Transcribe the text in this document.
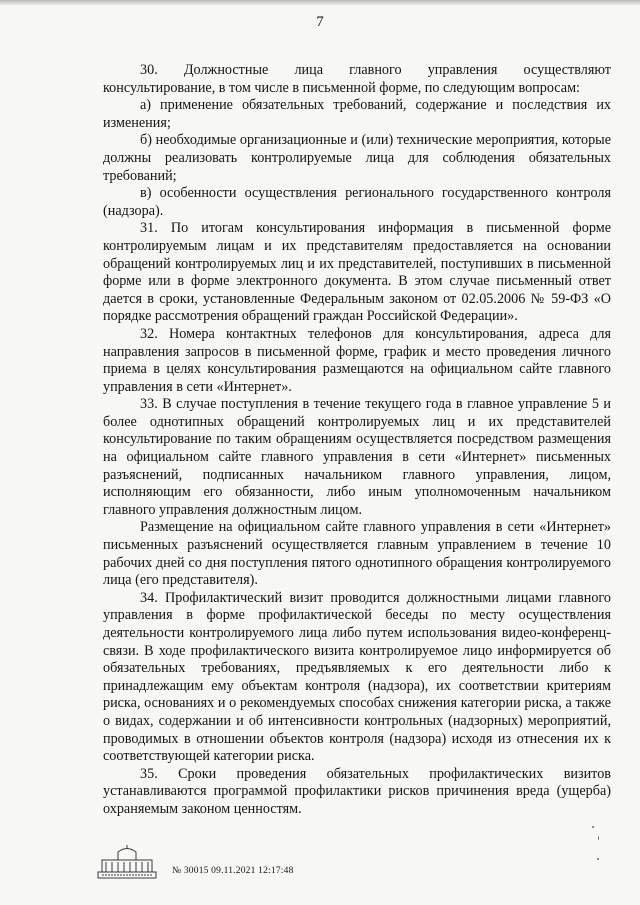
7

30. Должностные лица главного управления осуществляют консультирование, в том числе в письменной форме, по следующим вопросам:

а) применение обязательных требований, содержание и последствия их изменения;

б) необходимые организационные и (или) технические мероприятия, которые должны реализовать контролируемые лица для соблюдения обязательных требований;

в) особенности осуществления регионального государственного контроля (надзора).

31. По итогам консультирования информация в письменной форме контролируемым лицам и их представителям предоставляется на основании обращений контролируемых лиц и их представителей, поступивших в письменной форме или в форме электронного документа. В этом случае письменный ответ дается в сроки, установленные Федеральным законом от 02.05.2006 № 59-ФЗ «О порядке рассмотрения обращений граждан Российской Федерации».

32. Номера контактных телефонов для консультирования, адреса для направления запросов в письменной форме, график и место проведения личного приема в целях консультирования размещаются на официальном сайте главного управления в сети «Интернет».

33. В случае поступления в течение текущего года в главное управление 5 и более однотипных обращений контролируемых лиц и их представителей консультирование по таким обращениям осуществляется посредством размещения на официальном сайте главного управления в сети «Интернет» письменных разъяснений, подписанных начальником главного управления, лицом, исполняющим его обязанности, либо иным уполномоченным начальником главного управления должностным лицом.

Размещение на официальном сайте главного управления в сети «Интернет» письменных разъяснений осуществляется главным управлением в течение 10 рабочих дней со дня поступления пятого однотипного обращения контролируемого лица (его представителя).

34. Профилактический визит проводится должностными лицами главного управления в форме профилактической беседы по месту осуществления деятельности контролируемого лица либо путем использования видео-конференц-связи. В ходе профилактического визита контролируемое лицо информируется об обязательных требованиях, предъявляемых к его деятельности либо к принадлежащим ему объектам контроля (надзора), их соответствии критериям риска, основаниях и о рекомендуемых способах снижения категории риска, а также о видах, содержании и об интенсивности контрольных (надзорных) мероприятий, проводимых в отношении объектов контроля (надзора) исходя из отнесения их к соответствующей категории риска.

35. Сроки проведения обязательных профилактических визитов устанавливаются программой профилактики рисков причинения вреда (ущерба) охраняемым законом ценностям.

№ 30015 09.11.2021 12:17:48
